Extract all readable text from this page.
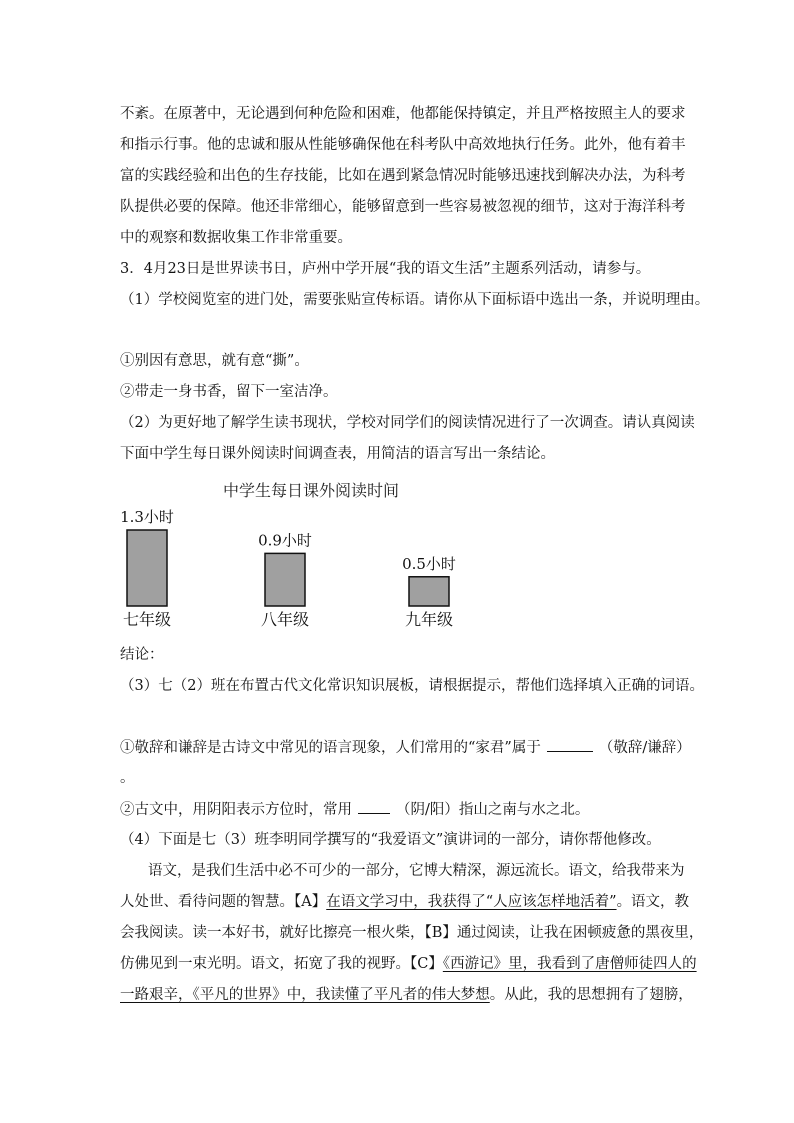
不紊。在原著中，无论遇到何种危险和困难，他都能保持镇定，并且严格按照主人的要求
和指示行事。他的忠诚和服从性能够确保他在科考队中高效地执行任务。此外，他有着丰
富的实践经验和出色的生存技能，比如在遇到紧急情况时能够迅速找到解决办法，为科考
队提供必要的保障。他还非常细心，能够留意到一些容易被忽视的细节，这对于海洋科考
中的观察和数据收集工作非常重要。
3．4月23日是世界读书日，庐州中学开展“我的语文生活”主题系列活动，请参与。
（1）学校阅览室的进门处，需要张贴宣传标语。请你从下面标语中选出一条，并说明理由。
①别因有意思，就有意“撕”。
②带走一身书香，留下一室洁净。
（2）为更好地了解学生读书现状，学校对同学们的阅读情况进行了一次调查。请认真阅读
下面中学生每日课外阅读时间调查表，用简洁的语言写出一条结论。
中学生每日课外阅读时间
1.3小时
七年级
0.9小时
八年级
0.5小时
九年级
结论：
（3）七（2）班在布置古代文化常识知识展板，请根据提示，帮他们选择填入正确的词语。
①敬辞和谦辞是古诗文中常见的语言现象，人们常用的“家君”属于	（敬辞/谦辞）
。
②古文中，用阴阳表示方位时，常用	（阴/阳）指山之南与水之北。
（4）下面是七（3）班李明同学撰写的“我爱语文”演讲词的一部分，请你帮他修改。
语文，是我们生活中必不可少的一部分，它博大精深，源远流长。语文，给我带来为
人处世、看待问题的智慧。【A】在语文学习中，我获得了“人应该怎样地活着”。语文，教
会我阅读。读一本好书，就好比擦亮一根火柴，【B】通过阅读，让我在困顿疲惫的黑夜里，
仿佛见到一束光明。语文，拓宽了我的视野。【C】《西游记》里，我看到了唐僧师徒四人的
一路艰辛，《平凡的世界》中，我读懂了平凡者的伟大梦想。从此，我的思想拥有了翅膀，
